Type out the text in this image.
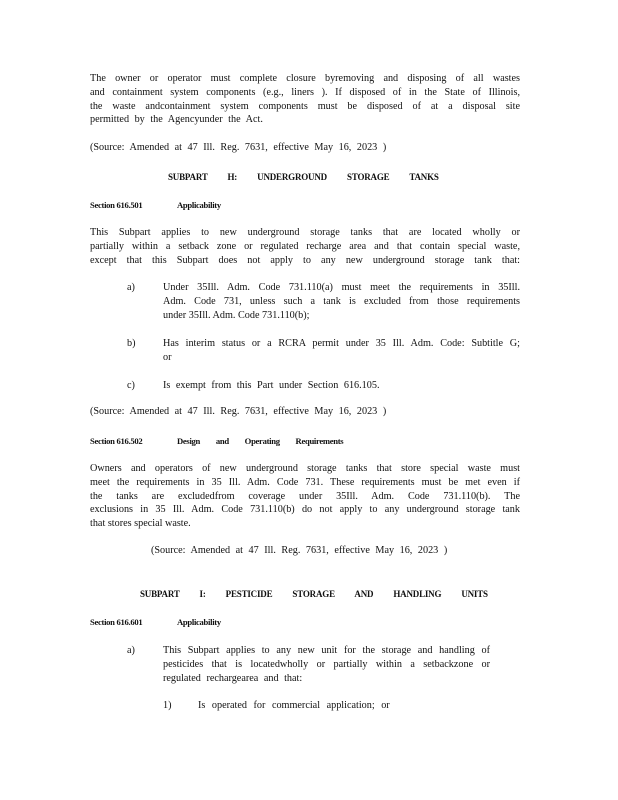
The owner or operator must complete closure byremoving and disposing of all wastes
and containment system components (e.g., liners ). If disposed of in the State of Illinois,
the waste andcontainment system components must be disposed of at a disposal site
permitted by the Agencyunder the Act.

(Source: Amended at 47 Ill. Reg. 7631, effective May 16, 2023 )
SUBPART H: UNDERGROUND STORAGE TANKS
Section 616.501	Applicability

This Subpart applies to new underground storage tanks that are located wholly or
partially within a setback zone or regulated recharge area and that contain special waste,
except that this Subpart does not apply to any new underground storage tank that:

a)	Under 35Ill. Adm. Code 731.110(a) must meet the requirements in 35Ill.
Adm. Code 731, unless such a tank is excluded from those requirements
under 35Ill. Adm. Code 731.110(b);
b)	Has interim status or a RCRA permit under 35 Ill. Adm. Code: Subtitle G;
or
c)	Is exempt from this Part under Section 616.105.
(Source: Amended at 47 Ill. Reg. 7631, effective May 16, 2023 )
Section 616.502	Design and Operating Requirements

Owners and operators of new underground storage tanks that store special waste must
meet the requirements in 35 Ill. Adm. Code 731. These requirements must be met even if
the tanks are excludedfrom coverage under 35Ill. Adm. Code 731.110(b). The
exclusions in 35 Ill. Adm. Code 731.110(b) do not apply to any underground storage tank
that stores special waste.

(Source: Amended at 47 Ill. Reg. 7631, effective May 16, 2023 )
SUBPART I: PESTICIDE STORAGE AND HANDLING UNITS
Section 616.601	Applicability
a)	This Subpart applies to any new unit for the storage and handling of
pesticides that is locatedwholly or partially within a setbackzone or
regulated rechargearea and that:
1)	Is operated for commercial application; or
